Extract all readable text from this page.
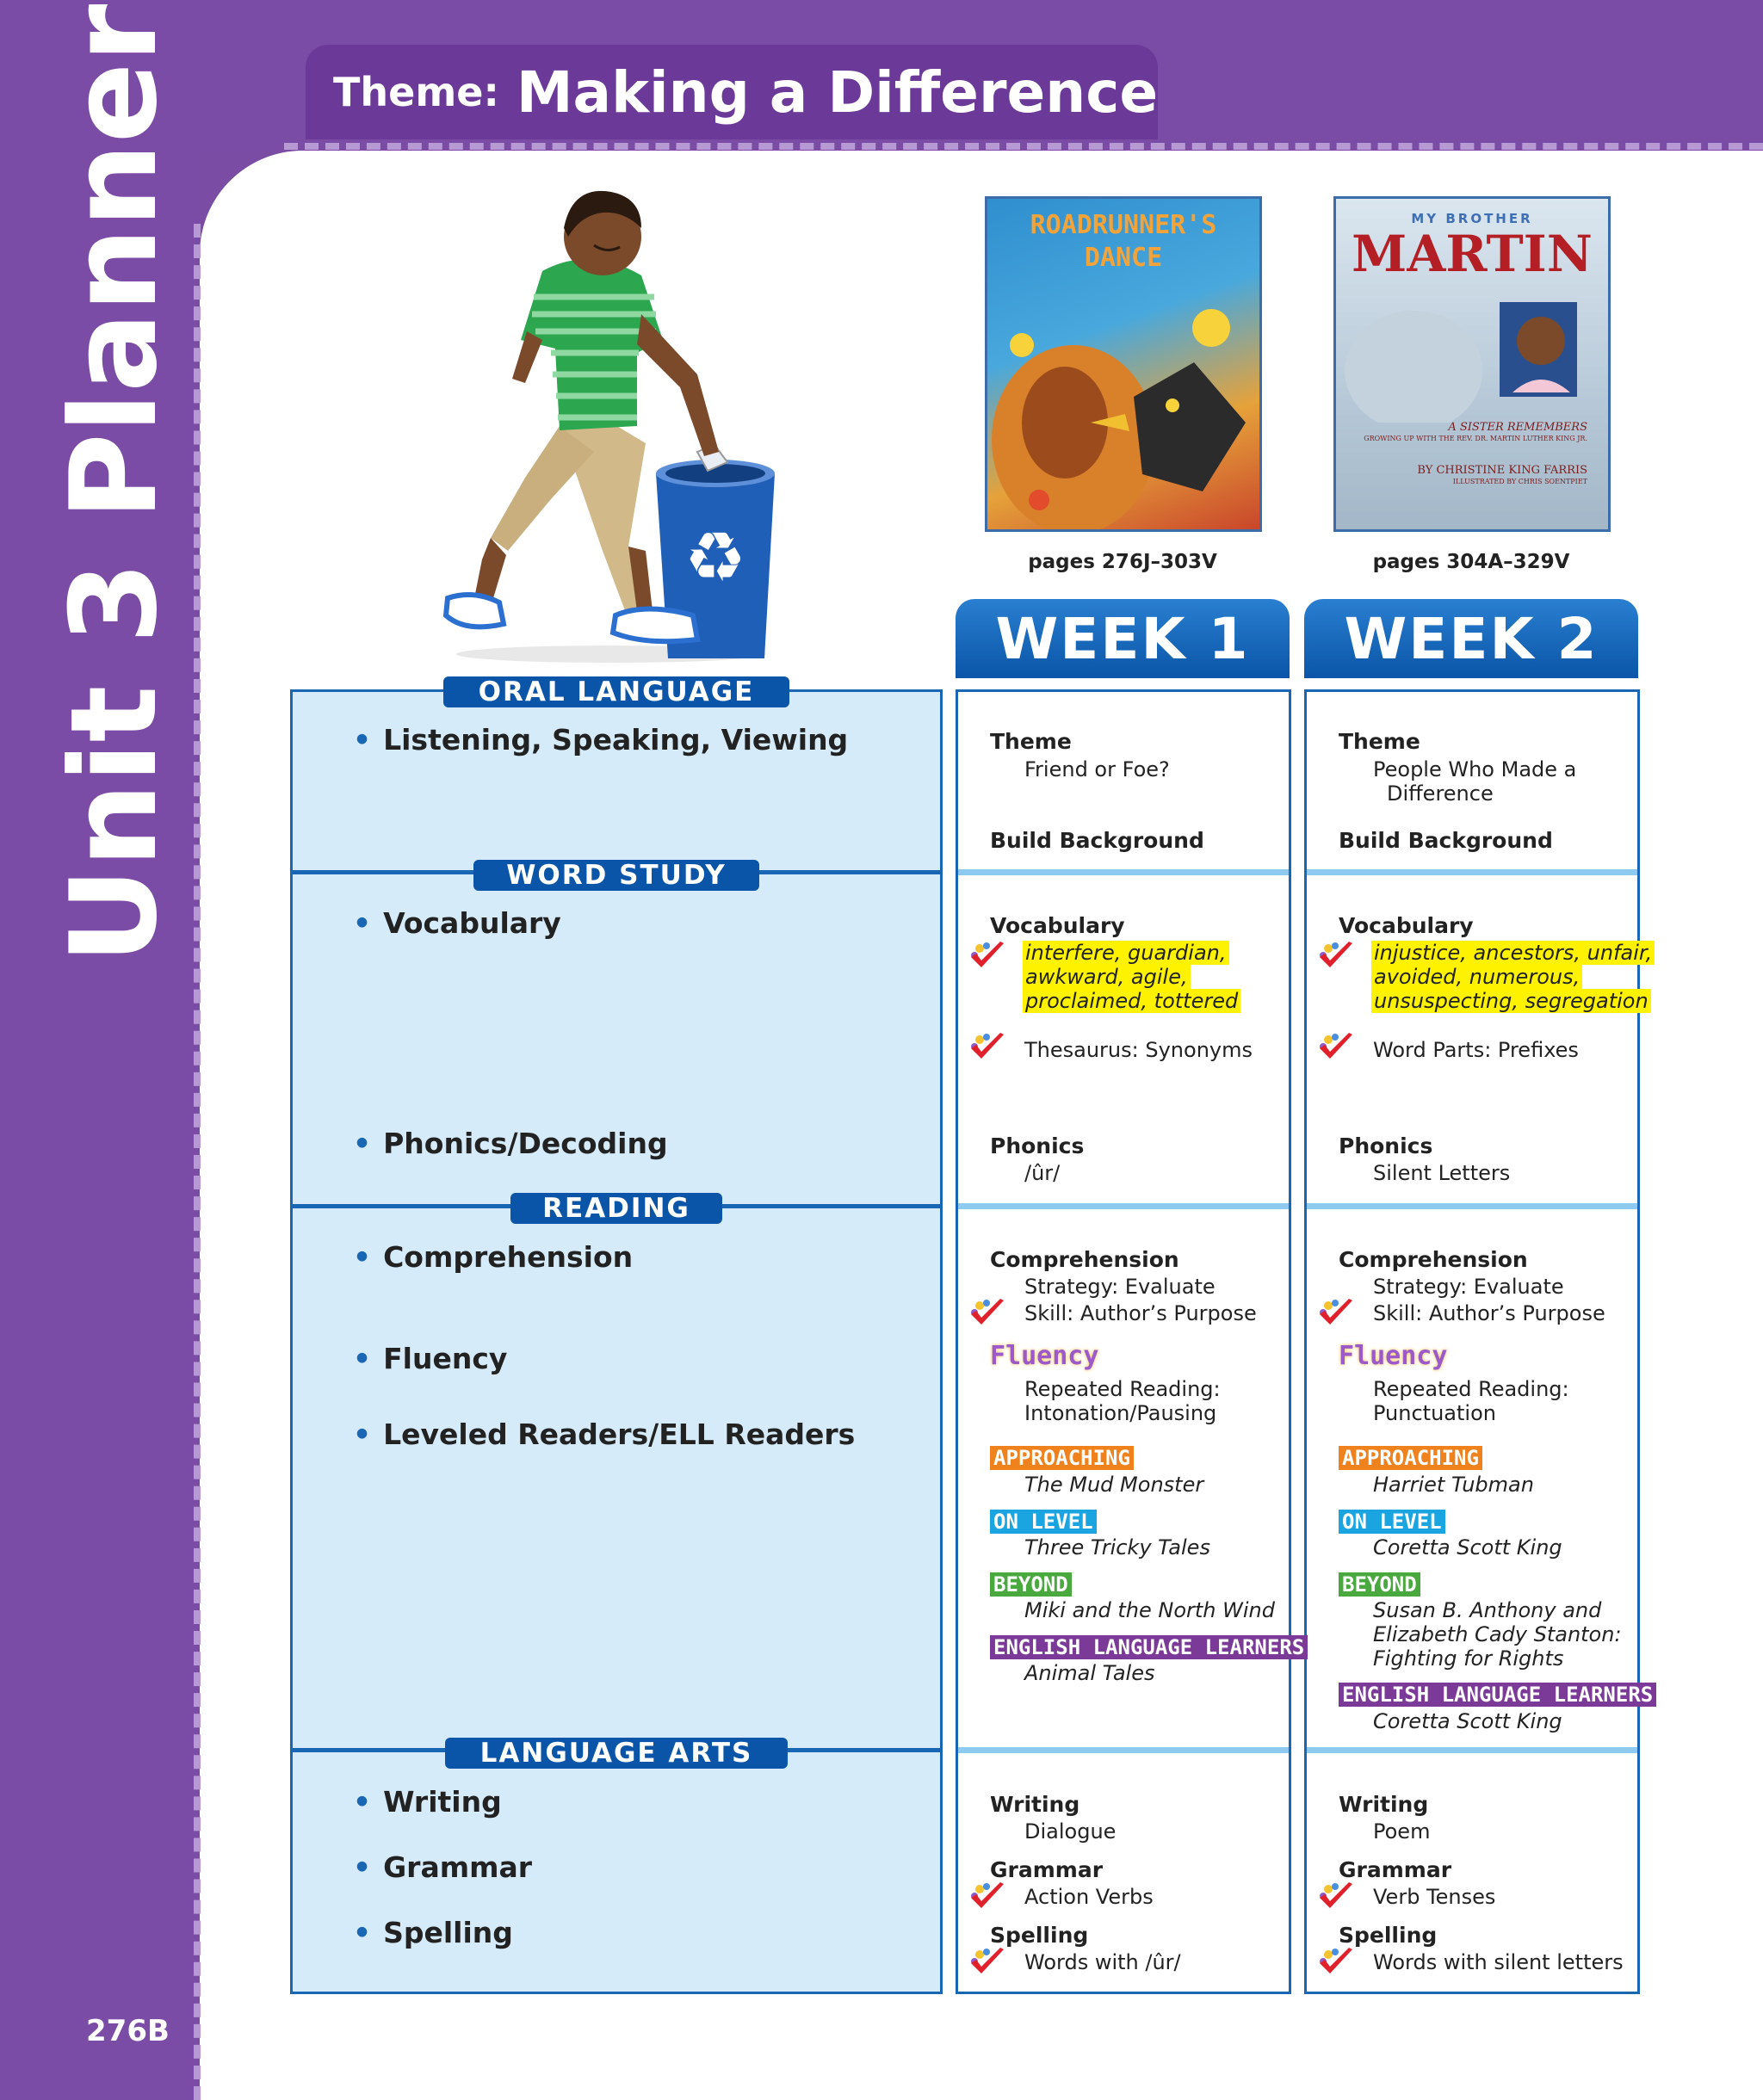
Theme: Making a Difference
Unit 3 Planner
276B
♻
ROADRUNNER'S
DANCE
MY BROTHER
MARTIN
A SISTER REMEMBERS
GROWING UP WITH THE REV. DR. MARTIN LUTHER KING JR.
BY CHRISTINE KING FARRIS
ILLUSTRATED BY CHRIS SOENTPIET
pages 276J–303V	pages 304A–329V
WEEK 1	WEEK 2
ORAL LANGUAGE
WORD STUDY
READING
LANGUAGE ARTS
• Listening, Speaking, Viewing
• Vocabulary
• Phonics/Decoding
• Comprehension
• Fluency
• Leveled Readers/ELL Readers
• Writing
• Grammar
• Spelling
Theme
Friend or Foe?
Build Background
Vocabulary
interfere, guardian,
awkward, agile,
proclaimed, tottered
Thesaurus: Synonyms
Phonics
/ûr/
Comprehension
Strategy: Evaluate
Skill: Author’s Purpose
Fluency
Repeated Reading:
Intonation/Pausing
APPROACHING
The Mud Monster
ON LEVEL
Three Tricky Tales
BEYOND
Miki and the North Wind
ENGLISH LANGUAGE LEARNERS
Animal Tales
Writing
Dialogue
Grammar
Action Verbs
Spelling
Words with /ûr/
Theme
People Who Made a
Difference
Build Background
Vocabulary
injustice, ancestors, unfair,
avoided, numerous,
unsuspecting, segregation
Word Parts: Prefixes
Phonics
Silent Letters
Comprehension
Strategy: Evaluate
Skill: Author’s Purpose
Fluency
Repeated Reading:
Punctuation
APPROACHING
Harriet Tubman
ON LEVEL
Coretta Scott King
BEYOND
Susan B. Anthony and
Elizabeth Cady Stanton:
Fighting for Rights
ENGLISH LANGUAGE LEARNERS
Coretta Scott King
Writing
Poem
Grammar
Verb Tenses
Spelling
Words with silent letters
